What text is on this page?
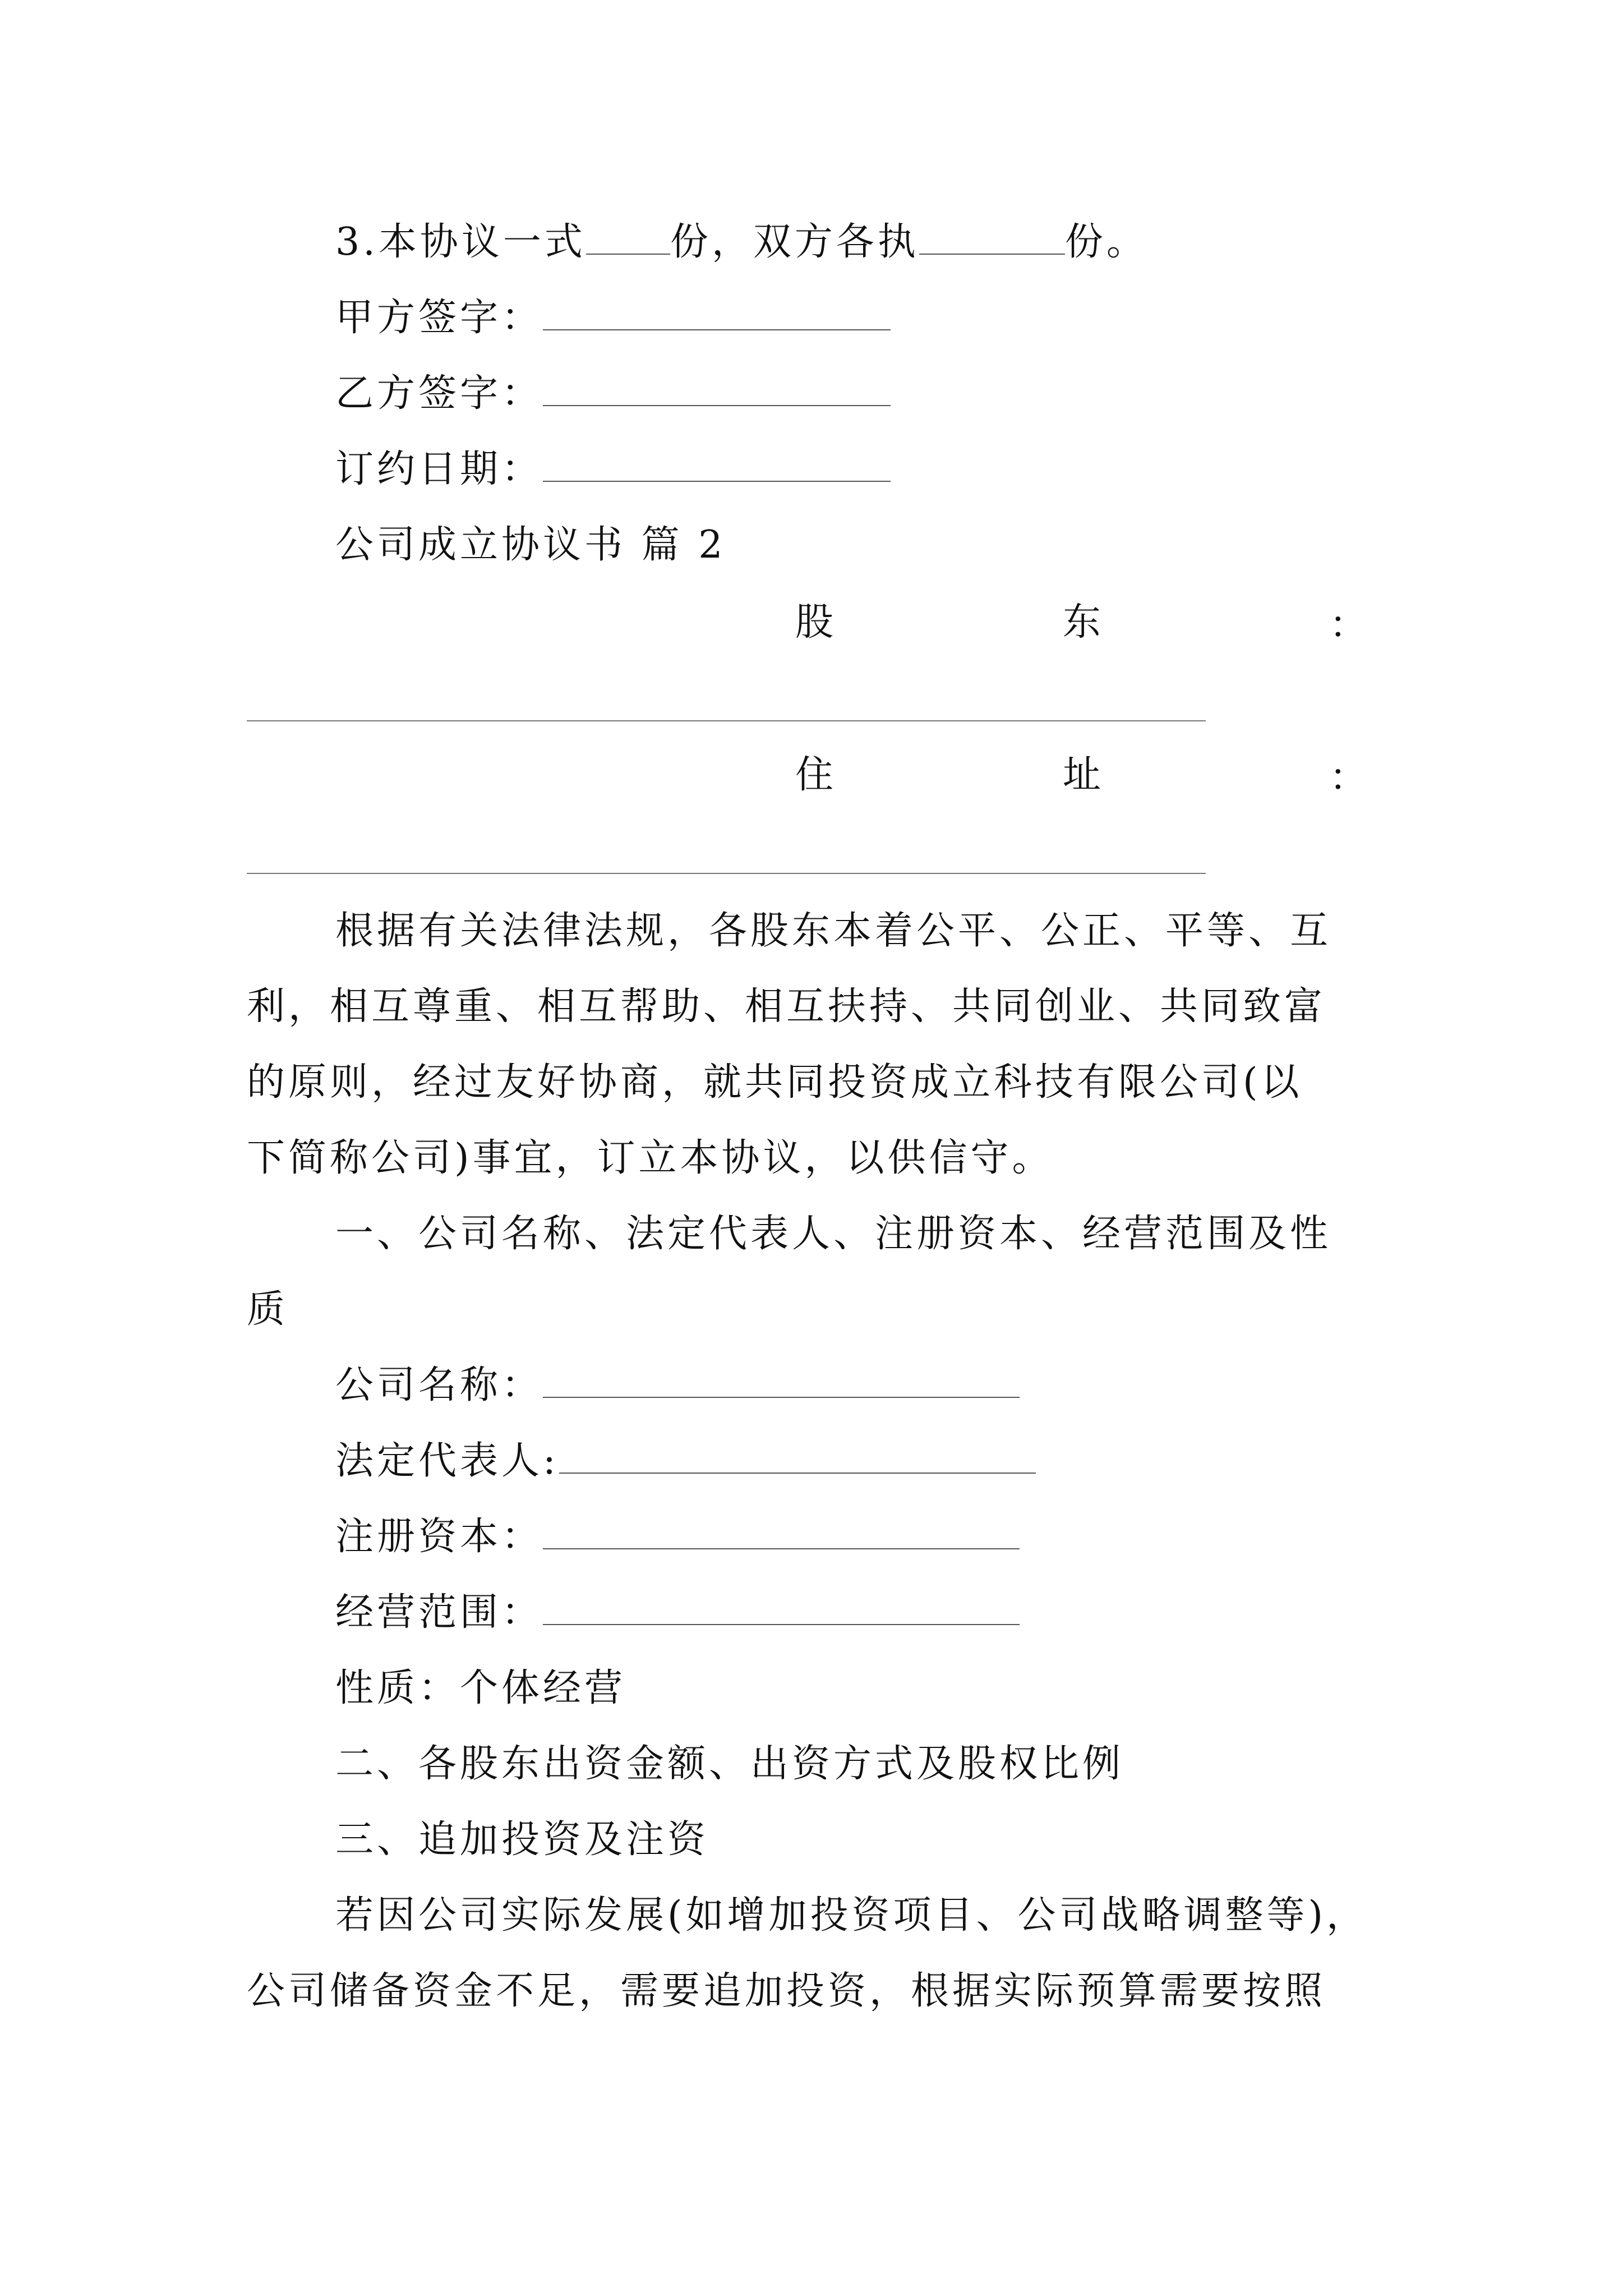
3.本协议一式 份，双方各执	份。
甲方签字：
乙方签字：
订约日期：
公司成立协议书 篇 2
股	东	：
住	址	：
根据有关法律法规，各股东本着公平、公正、平等、互
利，相互尊重、相互帮助、相互扶持、共同创业、共同致富
的原则，经过友好协商，就共同投资成立科技有限公司(以
下简称公司)事宜，订立本协议，以供信守。
一、公司名称、法定代表人、注册资本、经营范围及性
质
公司名称：
法定代表人:
注册资本：
经营范围：
性质：个体经营
二、各股东出资金额、出资方式及股权比例
三、追加投资及注资
若因公司实际发展(如增加投资项目、公司战略调整等)，
公司储备资金不足，需要追加投资，根据实际预算需要按照
